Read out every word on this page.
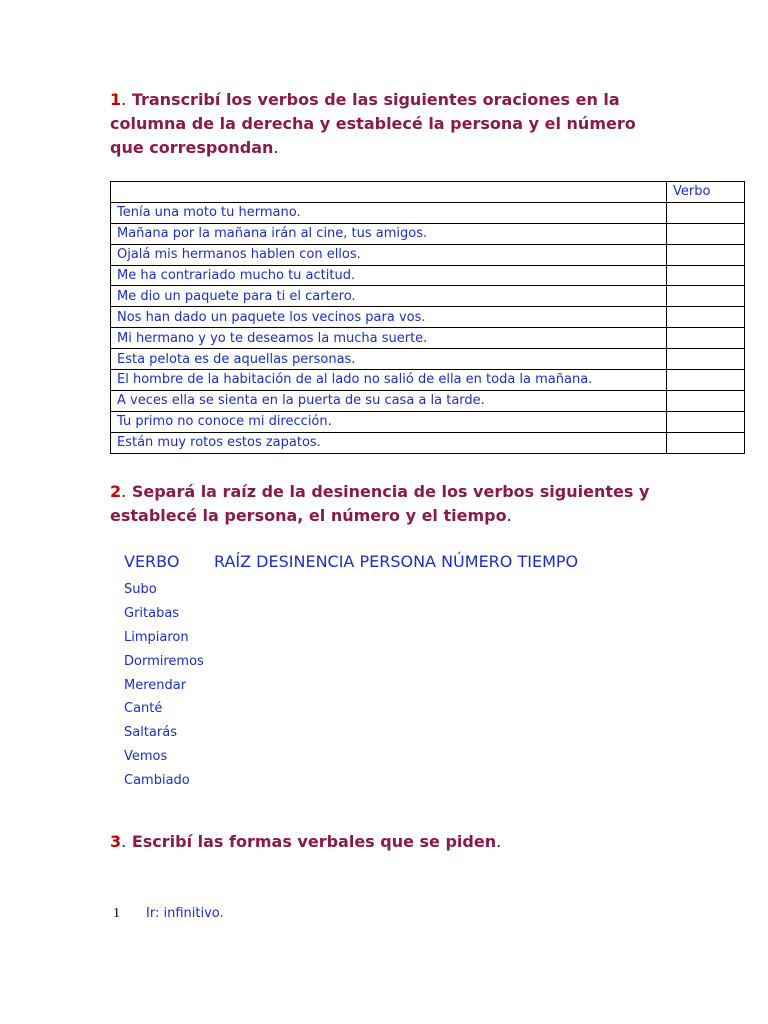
1. Transcribí los verbos de las siguientes oraciones en la columna de la derecha y establecé la persona y el número que correspondan.
	Verbo
Tenía una moto tu hermano.	
Mañana por la mañana irán al cine, tus amigos.	
Ojalá mis hermanos hablen con ellos.	
Me ha contrariado mucho tu actitud.	
Me dio un paquete para ti el cartero.	
Nos han dado un paquete los vecinos para vos.	
Mi hermano y yo te deseamos la mucha suerte.	
Esta pelota es de aquellas personas.	
El hombre de la habitación de al lado no salió de ella en toda la mañana.	
A veces ella se sienta en la puerta de su casa a la tarde.	
Tu primo no conoce mi dirección.	
Están muy rotos estos zapatos.	
2. Separá la raíz de la desinencia de los verbos siguientes y establecé la persona, el número y el tiempo.
VERBO RAÍZ DESINENCIA PERSONA NÚMERO TIEMPO
Subo
Gritabas
Limpiaron
Dormiremos
Merendar
Canté
Saltarás
Vemos
Cambiado
3. Escribí las formas verbales que se piden.
1 Ir: infinitivo.
